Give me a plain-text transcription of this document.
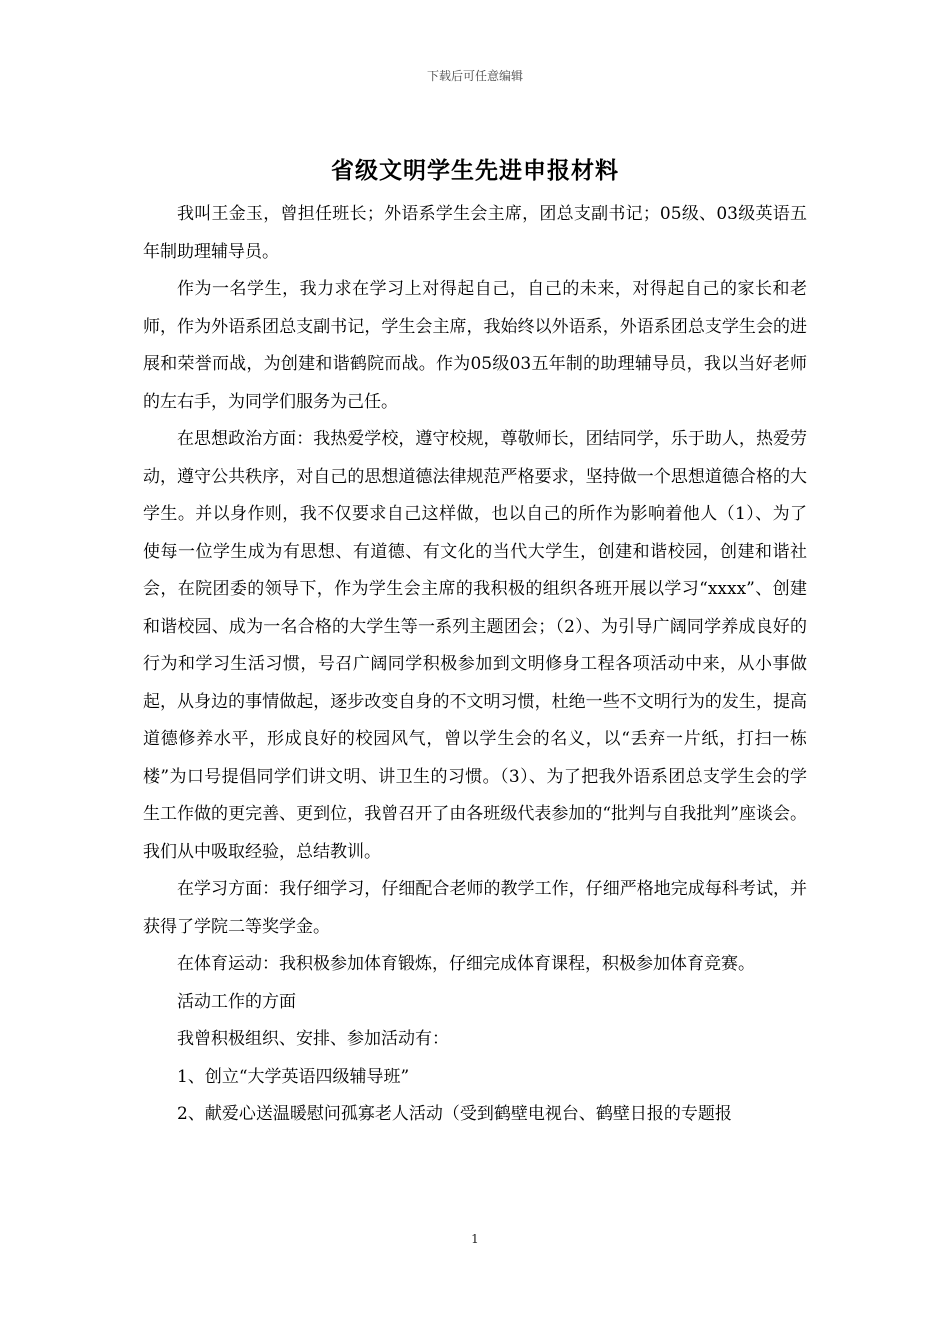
下载后可任意编辑
省级文明学生先进申报材料

我叫王金玉，曾担任班长；外语系学生会主席，团总支副书记；05级、03级英语五年制助理辅导员。

作为一名学生，我力求在学习上对得起自己，自己的未来，对得起自己的家长和老师，作为外语系团总支副书记，学生会主席，我始终以外语系，外语系团总支学生会的进展和荣誉而战，为创建和谐鹤院而战。作为05级03五年制的助理辅导员，我以当好老师的左右手，为同学们服务为己任。

在思想政治方面：我热爱学校，遵守校规，尊敬师长，团结同学，乐于助人，热爱劳动，遵守公共秩序，对自己的思想道德法律规范严格要求，坚持做一个思想道德合格的大学生。并以身作则，我不仅要求自己这样做，也以自己的所作为影响着他人（1）、为了使每一位学生成为有思想、有道德、有文化的当代大学生，创建和谐校园，创建和谐社会，在院团委的领导下，作为学生会主席的我积极的组织各班开展以学习“xxxx”、创建和谐校园、成为一名合格的大学生等一系列主题团会；（2）、为引导广阔同学养成良好的行为和学习生活习惯，号召广阔同学积极参加到文明修身工程各项活动中来，从小事做起，从身边的事情做起，逐步改变自身的不文明习惯，杜绝一些不文明行为的发生，提高道德修养水平，形成良好的校园风气，曾以学生会的名义，以“丢弃一片纸，打扫一栋楼”为口号提倡同学们讲文明、讲卫生的习惯。（3）、为了把我外语系团总支学生会的学生工作做的更完善、更到位，我曾召开了由各班级代表参加的“批判与自我批判”座谈会。我们从中吸取经验，总结教训。

在学习方面：我仔细学习，仔细配合老师的教学工作，仔细严格地完成每科考试，并获得了学院二等奖学金。

在体育运动：我积极参加体育锻炼，仔细完成体育课程，积极参加体育竞赛。

活动工作的方面

我曾积极组织、安排、参加活动有：

1、创立“大学英语四级辅导班”

2、献爱心送温暖慰问孤寡老人活动（受到鹤壁电视台、鹤壁日报的专题报

1
